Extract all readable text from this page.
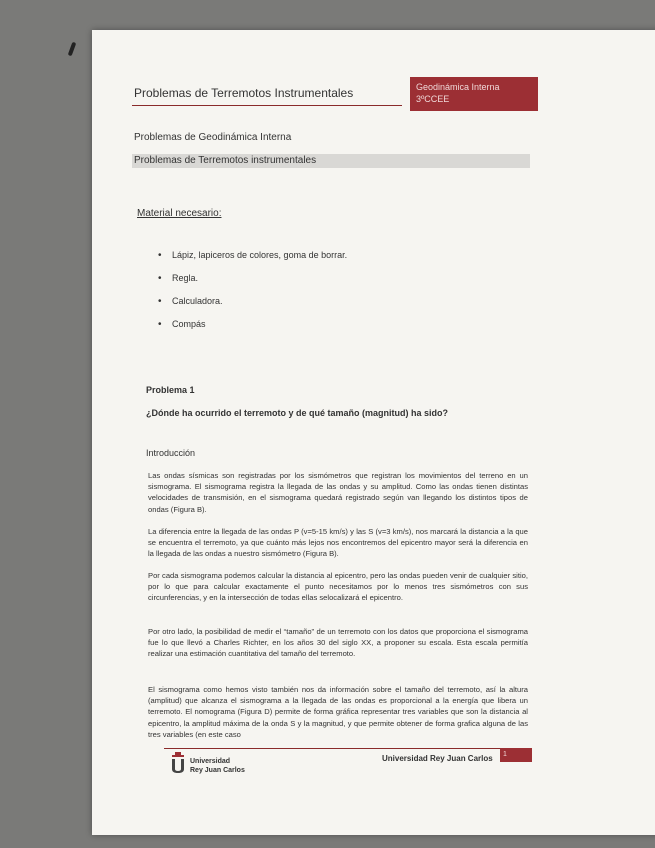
Problemas de Terremotos Instrumentales	Geodinámica Interna
3ºCCEE
Problemas de Geodinámica Interna
Problemas de Terremotos instrumentales
Material necesario:
• Lápiz, lapiceros de colores, goma de borrar.
• Regla.
• Calculadora.
• Compás
Problema 1
¿Dónde ha ocurrido el terremoto y de qué tamaño (magnitud) ha sido?
Introducción
Las ondas sísmicas son registradas por los sismómetros que registran los movimientos del terreno en un sismograma. El sismograma registra la llegada de las ondas y su amplitud. Como las ondas tienen distintas velocidades de transmisión, en el sismograma quedará registrado según van llegando los distintos tipos de ondas (Figura B).
La diferencia entre la llegada de las ondas P (v=5-15 km/s) y las S (v=3 km/s), nos marcará la distancia a la que se encuentra el terremoto, ya que cuánto más lejos nos encontremos del epicentro mayor será la diferencia en la llegada de las ondas a nuestro sismómetro (Figura B).
Por cada sismograma podemos calcular la distancia al epicentro, pero las ondas pueden venir de cualquier sitio, por lo que para calcular exactamente el punto necesitamos por lo menos tres sismómetros con sus circunferencias, y en la intersección de todas ellas selocalizará el epicentro.
Por otro lado, la posibilidad de medir el “tamaño” de un terremoto con los datos que proporciona el sismograma fue lo que llevó a Charles Richter, en los años 30 del siglo XX, a proponer su escala. Esta escala permitía realizar una estimación cuantitativa del tamaño del terremoto.
El sismograma como hemos visto también nos da información sobre el tamaño del terremoto, así la altura (amplitud) que alcanza el sismograma a la llegada de las ondas es proporcional a la energía que libera un terremoto. El nomograma (Figura D) permite de forma gráfica representar tres variables que son la distancia al epicentro, la amplitud máxima de la onda S y la magnitud, y que permite obtener de forma grafica alguna de las tres variables (en este caso
Universidad
Rey Juan Carlos
Universidad Rey Juan Carlos	1
